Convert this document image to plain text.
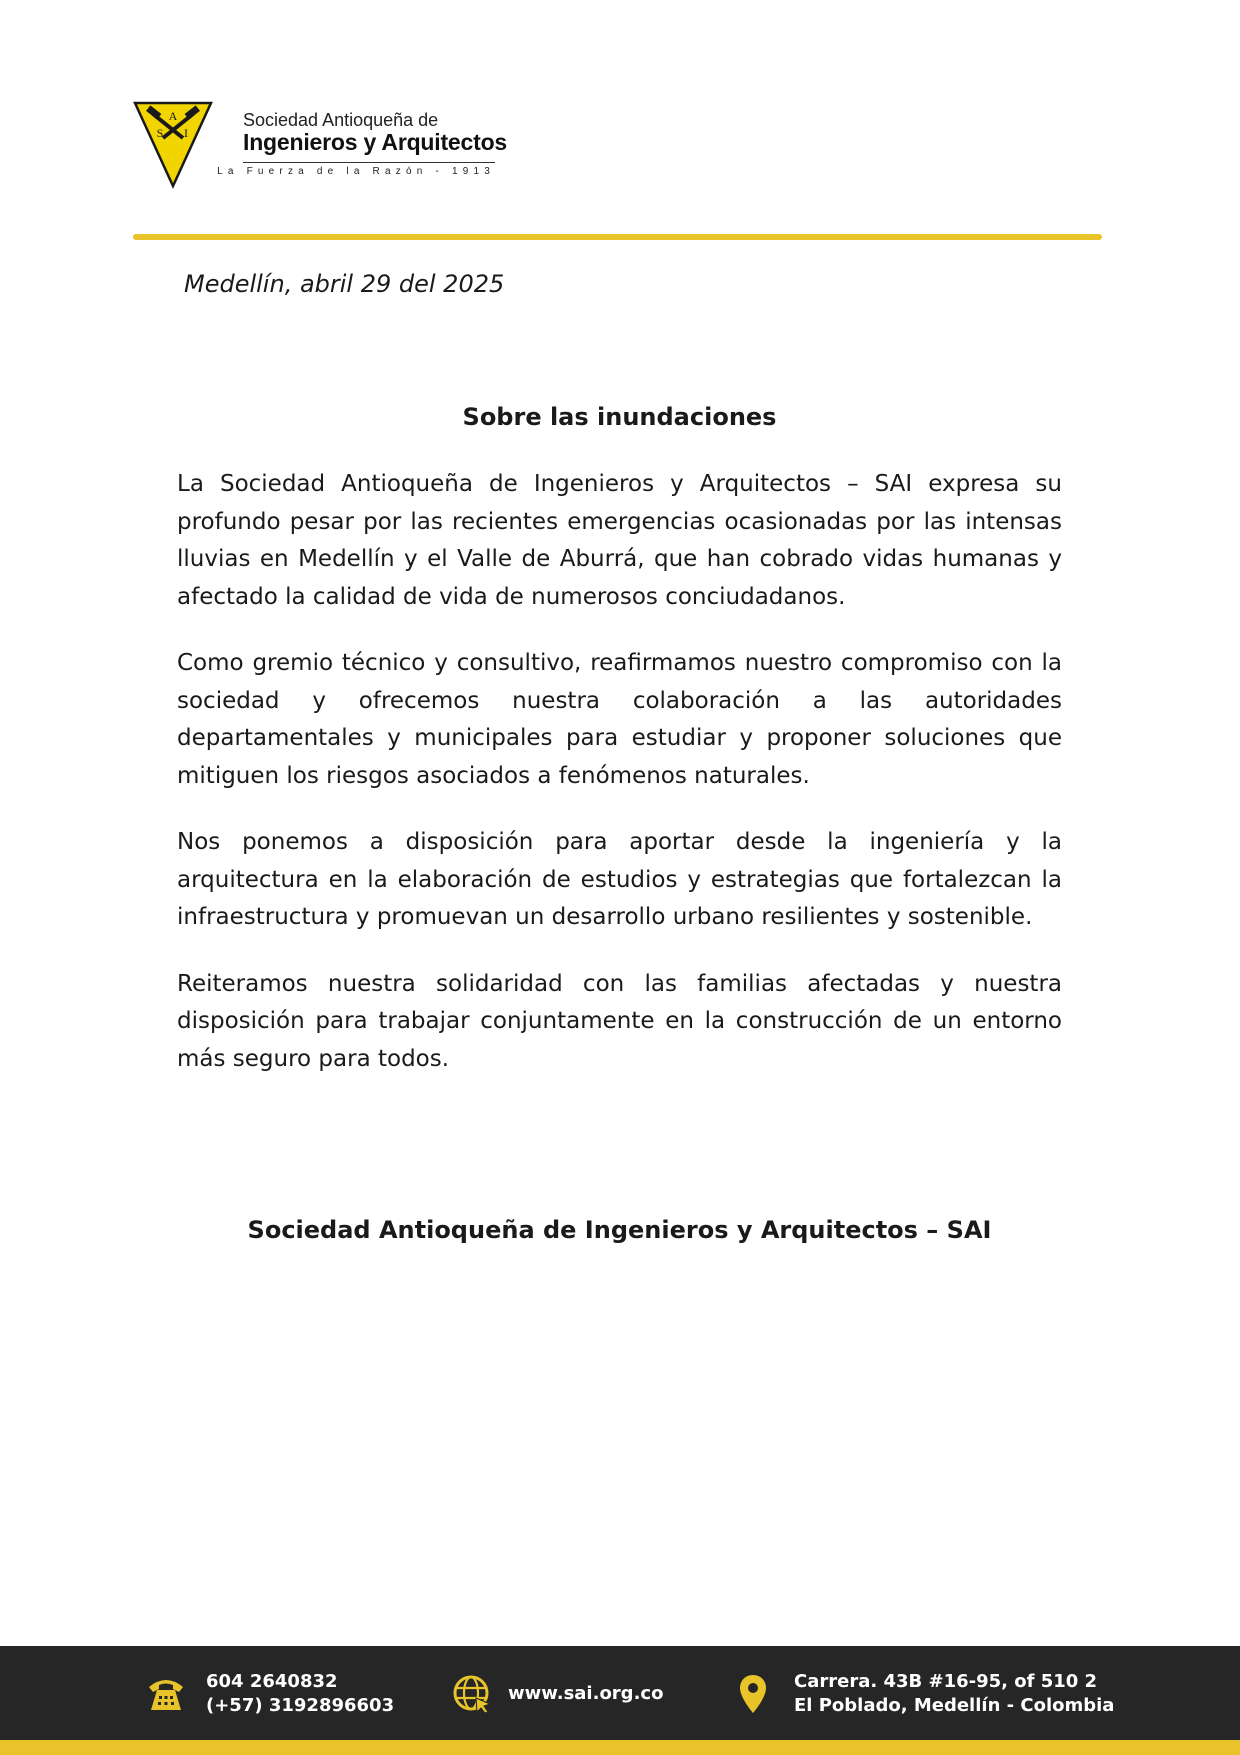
A
S I
Sociedad Antioqueña de
Ingenieros y Arquitectos
La Fuerza de la Razón - 1913
Medellín, abril 29 del 2025
Sobre las inundaciones

La Sociedad Antioqueña de Ingenieros y Arquitectos – SAI expresa su profundo pesar por las recientes emergencias ocasionadas por las intensas lluvias en Medellín y el Valle de Aburrá, que han cobrado vidas humanas y afectado la calidad de vida de numerosos conciudadanos.

Como gremio técnico y consultivo, reafirmamos nuestro compromiso con la sociedad y ofrecemos nuestra colaboración a las autoridades departamentales y municipales para estudiar y proponer soluciones que mitiguen los riesgos asociados a fenómenos naturales.

Nos ponemos a disposición para aportar desde la ingeniería y la arquitectura en la elaboración de estudios y estrategias que fortalezcan la infraestructura y promuevan un desarrollo urbano resilientes y sostenible.

Reiteramos nuestra solidaridad con las familias afectadas y nuestra disposición para trabajar conjuntamente en la construcción de un entorno más seguro para todos.

Sociedad Antioqueña de Ingenieros y Arquitectos – SAI
604 2640832
(+57) 3192896603
www.sai.org.co
Carrera. 43B #16-95, of 510 2
El Poblado, Medellín - Colombia
